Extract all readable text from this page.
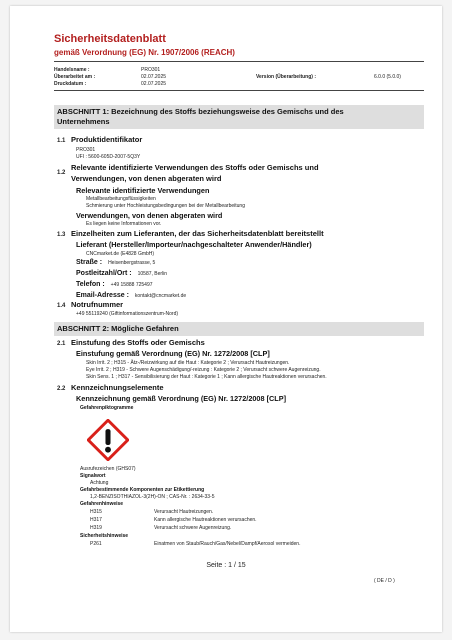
Sicherheitsdatenblatt
gemäß Verordnung (EG) Nr. 1907/2006 (REACH)
Handelsname :	PRO301
Überarbeitet am :	02.07.2025	Version (Überarbeitung) :	6.0.0 (5.0.0)
Druckdatum :	02.07.2025
ABSCHNITT 1: Bezeichnung des Stoffs beziehungsweise des Gemischs und des
Unternehmens
1.1 Produktidentifikator
PRO301
UFI : 5600-605D-2007-5Q3Y
1.2
Relevante identifizierte Verwendungen des Stoffs oder Gemischs und
Verwendungen, von denen abgeraten wird
Relevante identifizierte Verwendungen
Metallbearbeitungsflüssigkeiten
Schmierung unter Hochleistungsbedingungen bei der Metallbearbeitung
Verwendungen, von denen abgeraten wird
Es liegen keine Informationen vor.
1.3 Einzelheiten zum Lieferanten, der das Sicherheitsdatenblatt bereitstellt
Lieferant (Hersteller/Importeur/nachgeschalteter Anwender/Händler)
CNCmarket.de (E4828 GmbH)
Straße : Heisenbergstrasse, 5
Postleitzahl/Ort : 10587, Berlin
Telefon : +49 15888 725497
Email-Adresse : kontakt@cncmarket.de
1.4 Notrufnummer
+49 55119240 (Giftinformationszentrum-Nord)
ABSCHNITT 2: Mögliche Gefahren
2.1 Einstufung des Stoffs oder Gemischs
Einstufung gemäß Verordnung (EG) Nr. 1272/2008 [CLP]
Skin Irrit. 2 ; H315 - Ätz-/Reizwirkung auf die Haut : Kategorie 2 ; Verursacht Hautreizungen.
Eye Irrit. 2 ; H319 - Schwere Augenschädigung/-reizung : Kategorie 2 ; Verursacht schwere Augenreizung.
Skin Sens. 1 ; H317 - Sensibilisierung der Haut : Kategorie 1 ; Kann allergische Hautreaktionen verursachen.
2.2 Kennzeichnungselemente
Kennzeichnung gemäß Verordnung (EG) Nr. 1272/2008 [CLP]
Gefahrenpiktogramme
Ausrufezeichen (GHS07)
Signalwort
Achtung
Gefahrbestimmende Komponenten zur Etikettierung
1,2-BENZISOTHIAZOL-3(2H)-ON ; CAS-Nr. : 2634-33-5
Gefahrenhinweise
H315	Verursacht Hautreizungen.
H317	Kann allergische Hautreaktionen verursachen.
H319	Verursacht schwere Augenreizung.
Sicherheitshinweise
P261	Einatmen von Staub/Rauch/Gas/Nebel/Dampf/Aerosol vermeiden.
Seite : 1 / 15
( DE / D )
